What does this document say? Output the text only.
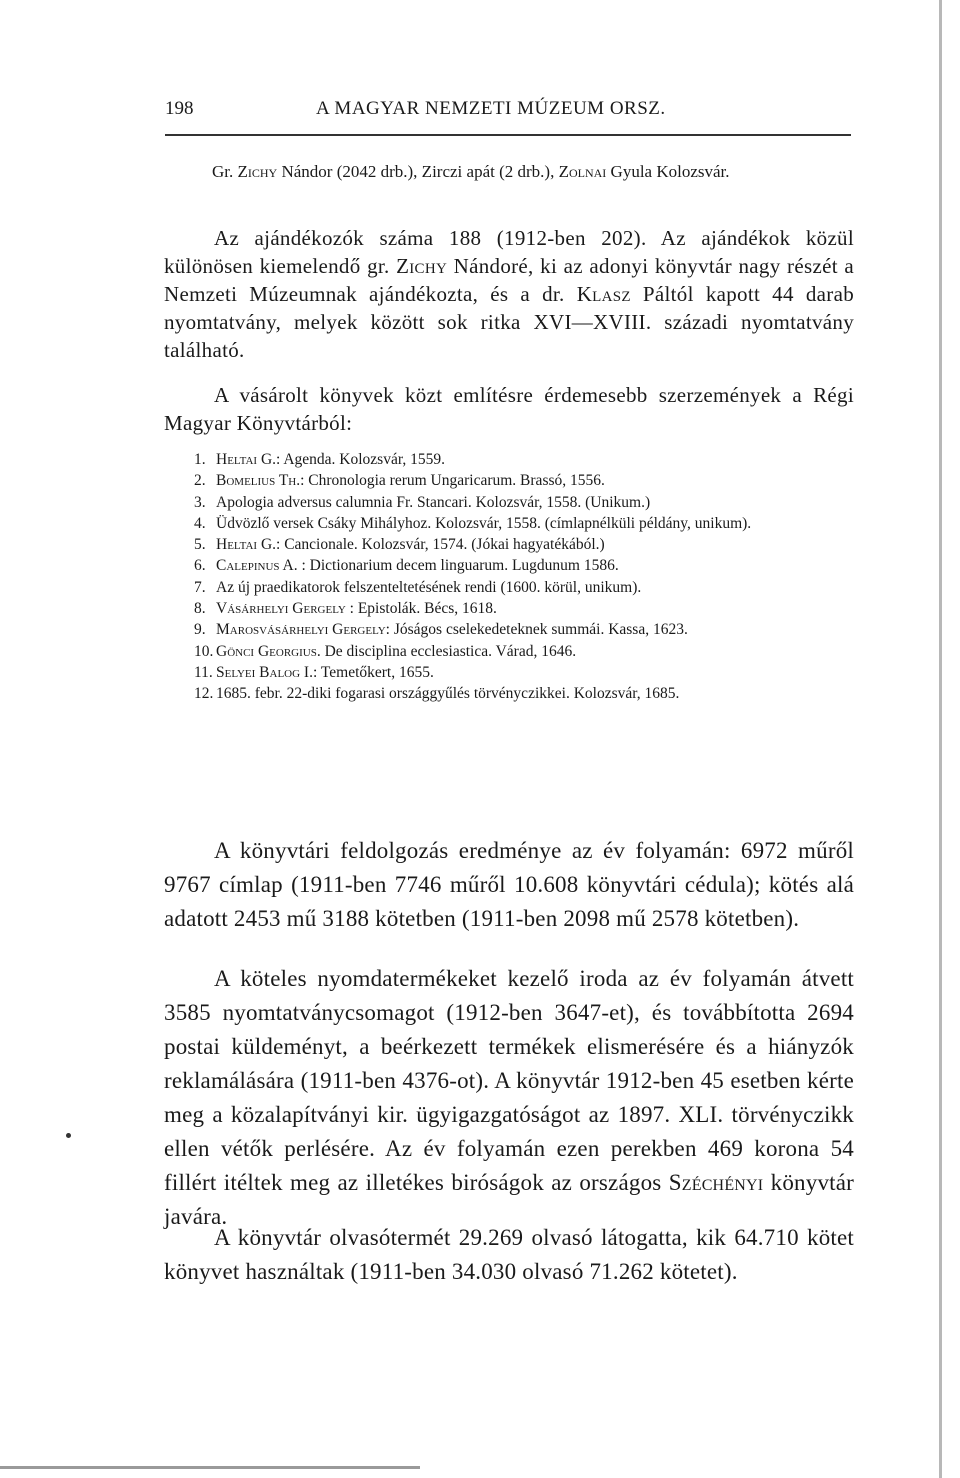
198	A MAGYAR NEMZETI MÚZEUM ORSZ.
Gr. Zichy Nándor (2042 drb.), Zirczi apát (2 drb.), Zolnai Gyula Kolozsvár.
Az ajándékozók száma 188 (1912-ben 202). Az ajándékok közül különösen kiemelendő gr. Zichy Nándoré, ki az adonyi könyvtár nagy részét a Nemzeti Múzeumnak ajándékozta, és a dr. Klasz Páltól kapott 44 darab nyomtatvány, melyek között sok ritka XVI—XVIII. századi nyomtatvány található.
A vásárolt könyvek közt említésre érdemesebb szerzemények a Régi Magyar Könyvtárból:
1. Heltai G.: Agenda. Kolozsvár, 1559.
2. Bomelius Th.: Chronologia rerum Ungaricarum. Brassó, 1556.
3. Apologia adversus calumnia Fr. Stancari. Kolozsvár, 1558. (Unikum.)
4. Üdvözlő versek Csáky Mihályhoz. Kolozsvár, 1558. (címlapnélküli példány, unikum).
5. Heltai G.: Cancionale. Kolozsvár, 1574. (Jókai hagyatékából.)
6. Calepinus A. : Dictionarium decem linguarum. Lugdunum 1586.
7. Az új praedikatorok felszenteltetésének rendi (1600. körül, unikum).
8. Vásárhelyi Gergely : Epistolák. Bécs, 1618.
9. Marosvásárhelyi Gergely: Jóságos cselekedeteknek summái. Kassa, 1623.
10. Gönci Georgius. De disciplina ecclesiastica. Várad, 1646.
11. Selyei Balog I.: Temetőkert, 1655.
12. 1685. febr. 22-diki fogarasi országgyűlés törvényczikkei. Kolozsvár, 1685.
A könyvtári feldolgozás eredménye az év folyamán: 6972 műről 9767 címlap (1911-ben 7746 műről 10.608 könyvtári cédula); kötés alá adatott 2453 mű 3188 kötetben (1911-ben 2098 mű 2578 kötetben).
A köteles nyomdatermékeket kezelő iroda az év folyamán átvett 3585 nyomtatványcsomagot (1912-ben 3647-et), és továbbította 2694 postai küldeményt, a beérkezett termékek elismerésére és a hiányzók reklamálására (1911-ben 4376-ot). A könyvtár 1912-ben 45 esetben kérte meg a közalapítványi kir. ügyigazgatóságot az 1897. XLI. törvényczikk ellen vétők perlésére. Az év folyamán ezen perekben 469 korona 54 fillért itéltek meg az illetékes biróságok az országos Széchényi könyvtár javára.
A könyvtár olvasótermét 29.269 olvasó látogatta, kik 64.710 kötet könyvet használtak (1911-ben 34.030 olvasó 71.262 kötetet).
